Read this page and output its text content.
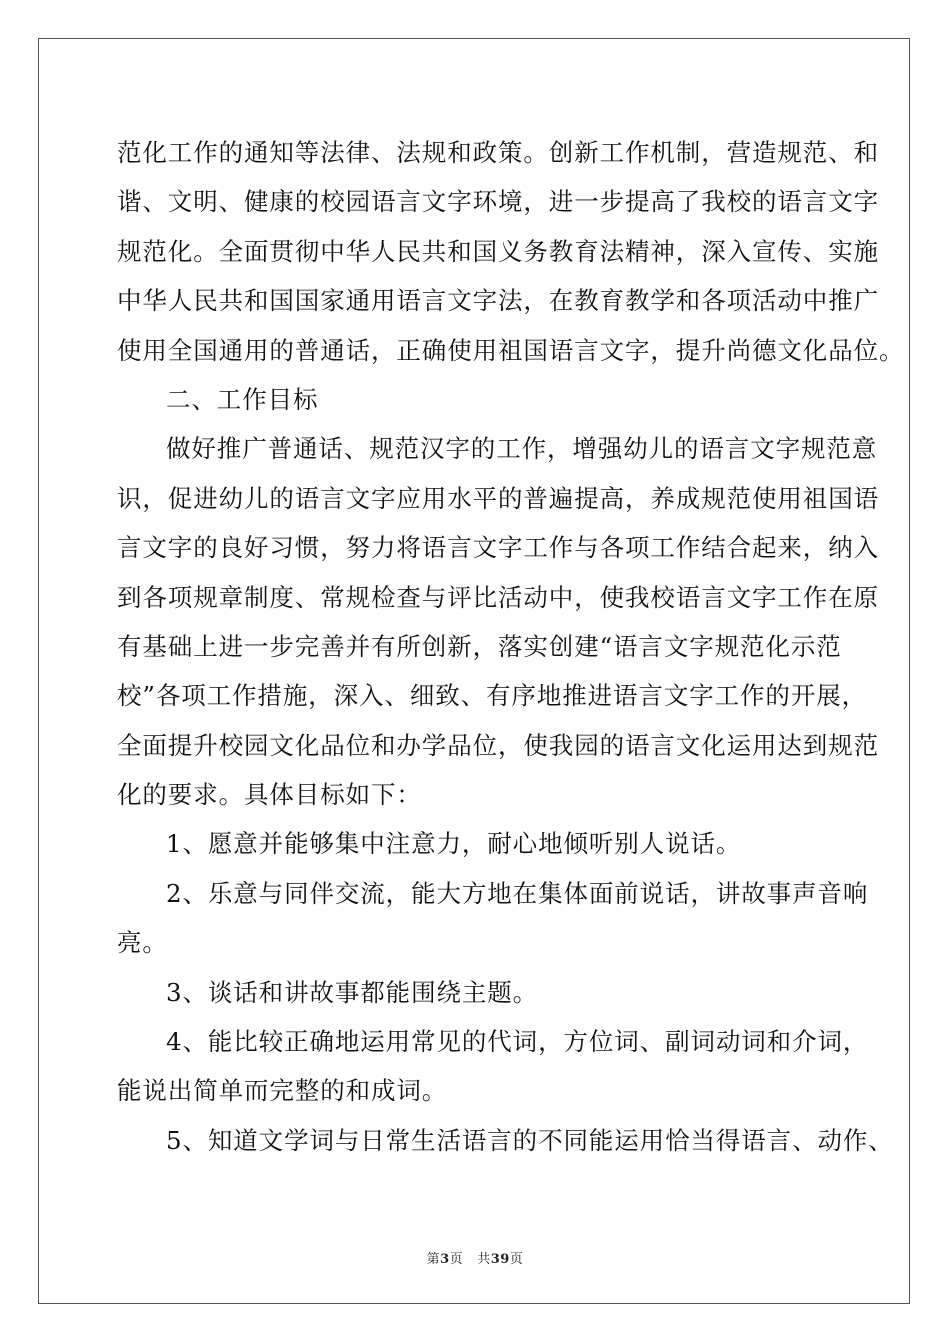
范化工作的通知等法律、法规和政策。创新工作机制，营造规范、和
谐、文明、健康的校园语言文字环境，进一步提高了我校的语言文字
规范化。全面贯彻中华人民共和国义务教育法精神，深入宣传、实施
中华人民共和国国家通用语言文字法，在教育教学和各项活动中推广
使用全国通用的普通话，正确使用祖国语言文字，提升尚德文化品位。
二、工作目标
做好推广普通话、规范汉字的工作，增强幼儿的语言文字规范意
识，促进幼儿的语言文字应用水平的普遍提高，养成规范使用祖国语
言文字的良好习惯，努力将语言文字工作与各项工作结合起来，纳入
到各项规章制度、常规检查与评比活动中，使我校语言文字工作在原
有基础上进一步完善并有所创新，落实创建“语言文字规范化示范
校”各项工作措施，深入、细致、有序地推进语言文字工作的开展，
全面提升校园文化品位和办学品位，使我园的语言文化运用达到规范
化的要求。具体目标如下：
1、愿意并能够集中注意力，耐心地倾听别人说话。
2、乐意与同伴交流，能大方地在集体面前说话，讲故事声音响
亮。
3、谈话和讲故事都能围绕主题。
4、能比较正确地运用常见的代词，方位词、副词动词和介词，
能说出简单而完整的和成词。
5、知道文学词与日常生活语言的不同能运用恰当得语言、动作、
第3页 共39页
